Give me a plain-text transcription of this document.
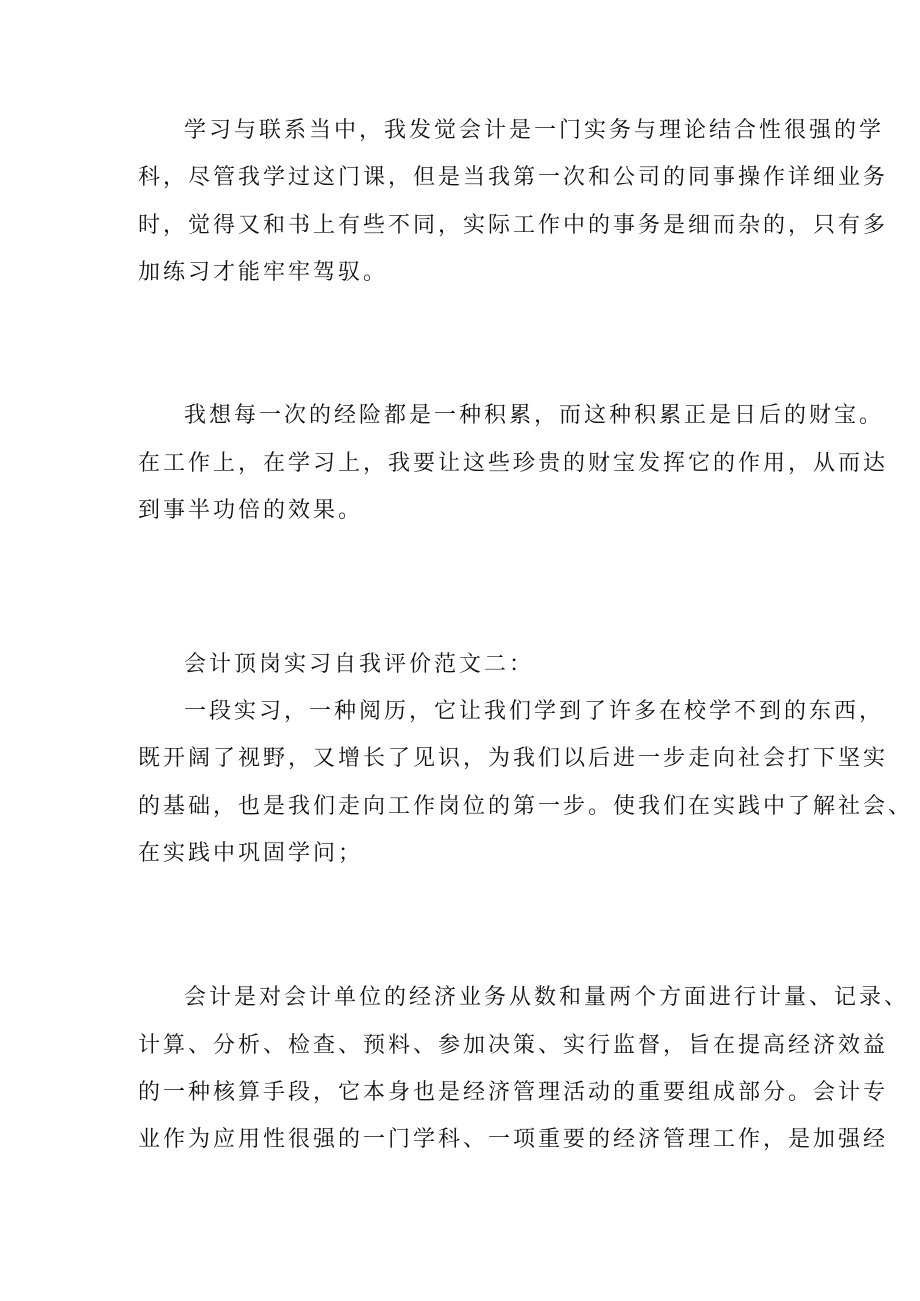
学习与联系当中，我发觉会计是一门实务与理论结合性很强的学
科，尽管我学过这门课，但是当我第一次和公司的同事操作详细业务
时，觉得又和书上有些不同，实际工作中的事务是细而杂的，只有多
加练习才能牢牢驾驭。
我想每一次的经险都是一种积累，而这种积累正是日后的财宝。
在工作上，在学习上，我要让这些珍贵的财宝发挥它的作用，从而达
到事半功倍的效果。
会计顶岗实习自我评价范文二：
一段实习，一种阅历，它让我们学到了许多在校学不到的东西，
既开阔了视野，又增长了见识，为我们以后进一步走向社会打下坚实
的基础，也是我们走向工作岗位的第一步。使我们在实践中了解社会、
在实践中巩固学问；
会计是对会计单位的经济业务从数和量两个方面进行计量、记录、
计算、分析、检查、预料、参加决策、实行监督，旨在提高经济效益
的一种核算手段，它本身也是经济管理活动的重要组成部分。会计专
业作为应用性很强的一门学科、一项重要的经济管理工作，是加强经
